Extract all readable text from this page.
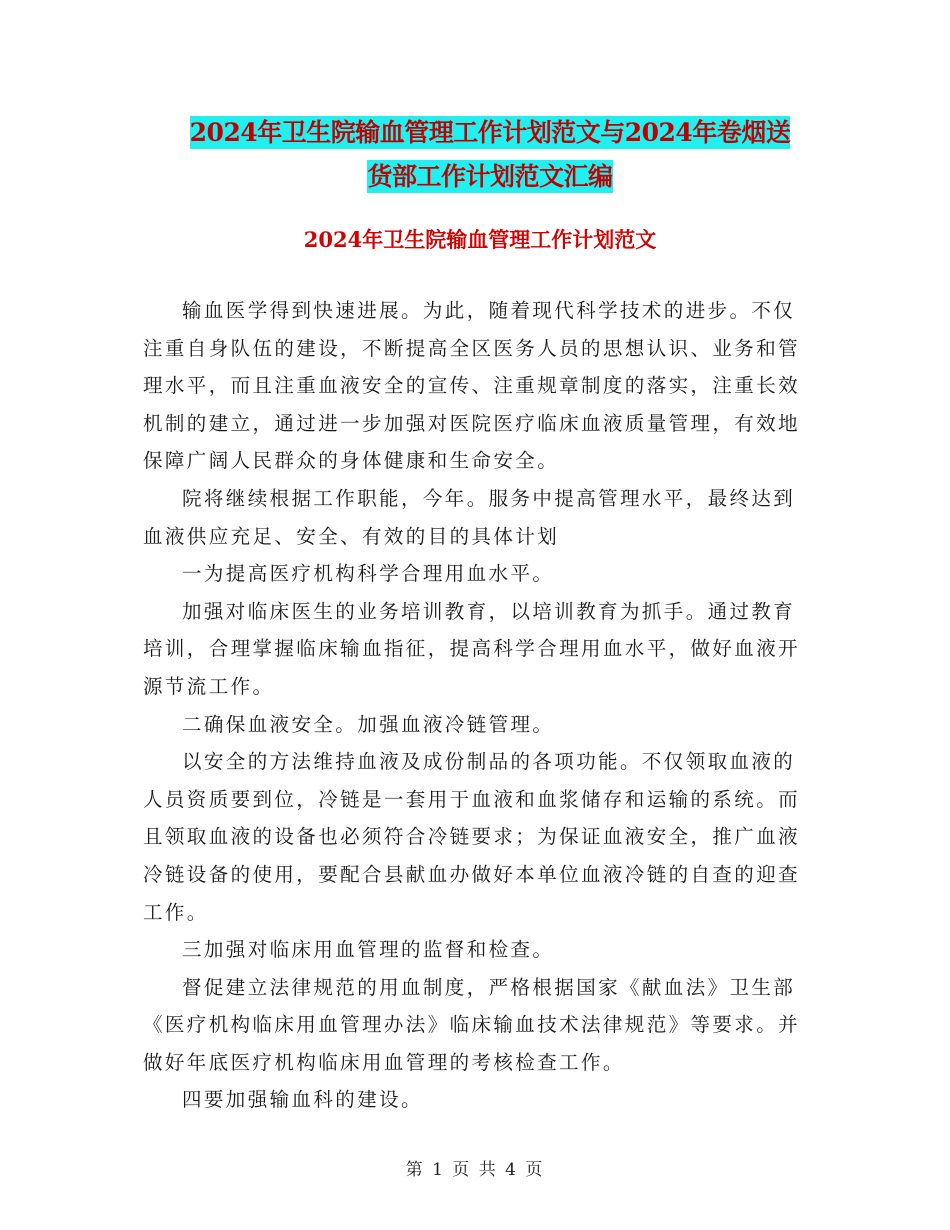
2024年卫生院输血管理工作计划范文与2024年卷烟送
货部工作计划范文汇编
2024年卫生院输血管理工作计划范文

输血医学得到快速进展。为此，随着现代科学技术的进步。不仅注重自身队伍的建设，不断提高全区医务人员的思想认识、业务和管理水平，而且注重血液安全的宣传、注重规章制度的落实，注重长效机制的建立，通过进一步加强对医院医疗临床血液质量管理，有效地保障广阔人民群众的身体健康和生命安全。

院将继续根据工作职能，今年。服务中提高管理水平，最终达到血液供应充足、安全、有效的目的具体计划

一为提高医疗机构科学合理用血水平。

加强对临床医生的业务培训教育，以培训教育为抓手。通过教育培训，合理掌握临床输血指征，提高科学合理用血水平，做好血液开源节流工作。

二确保血液安全。加强血液冷链管理。

以安全的方法维持血液及成份制品的各项功能。不仅领取血液的人员资质要到位，冷链是一套用于血液和血浆储存和运输的系统。而且领取血液的设备也必须符合冷链要求；为保证血液安全，推广血液冷链设备的使用，要配合县献血办做好本单位血液冷链的自查的迎查工作。

三加强对临床用血管理的监督和检查。

督促建立法律规范的用血制度，严格根据国家《献血法》卫生部《医疗机构临床用血管理办法》临床输血技术法律规范》等要求。并做好年底医疗机构临床用血管理的考核检查工作。

四要加强输血科的建设。

第 1 页 共 4 页
